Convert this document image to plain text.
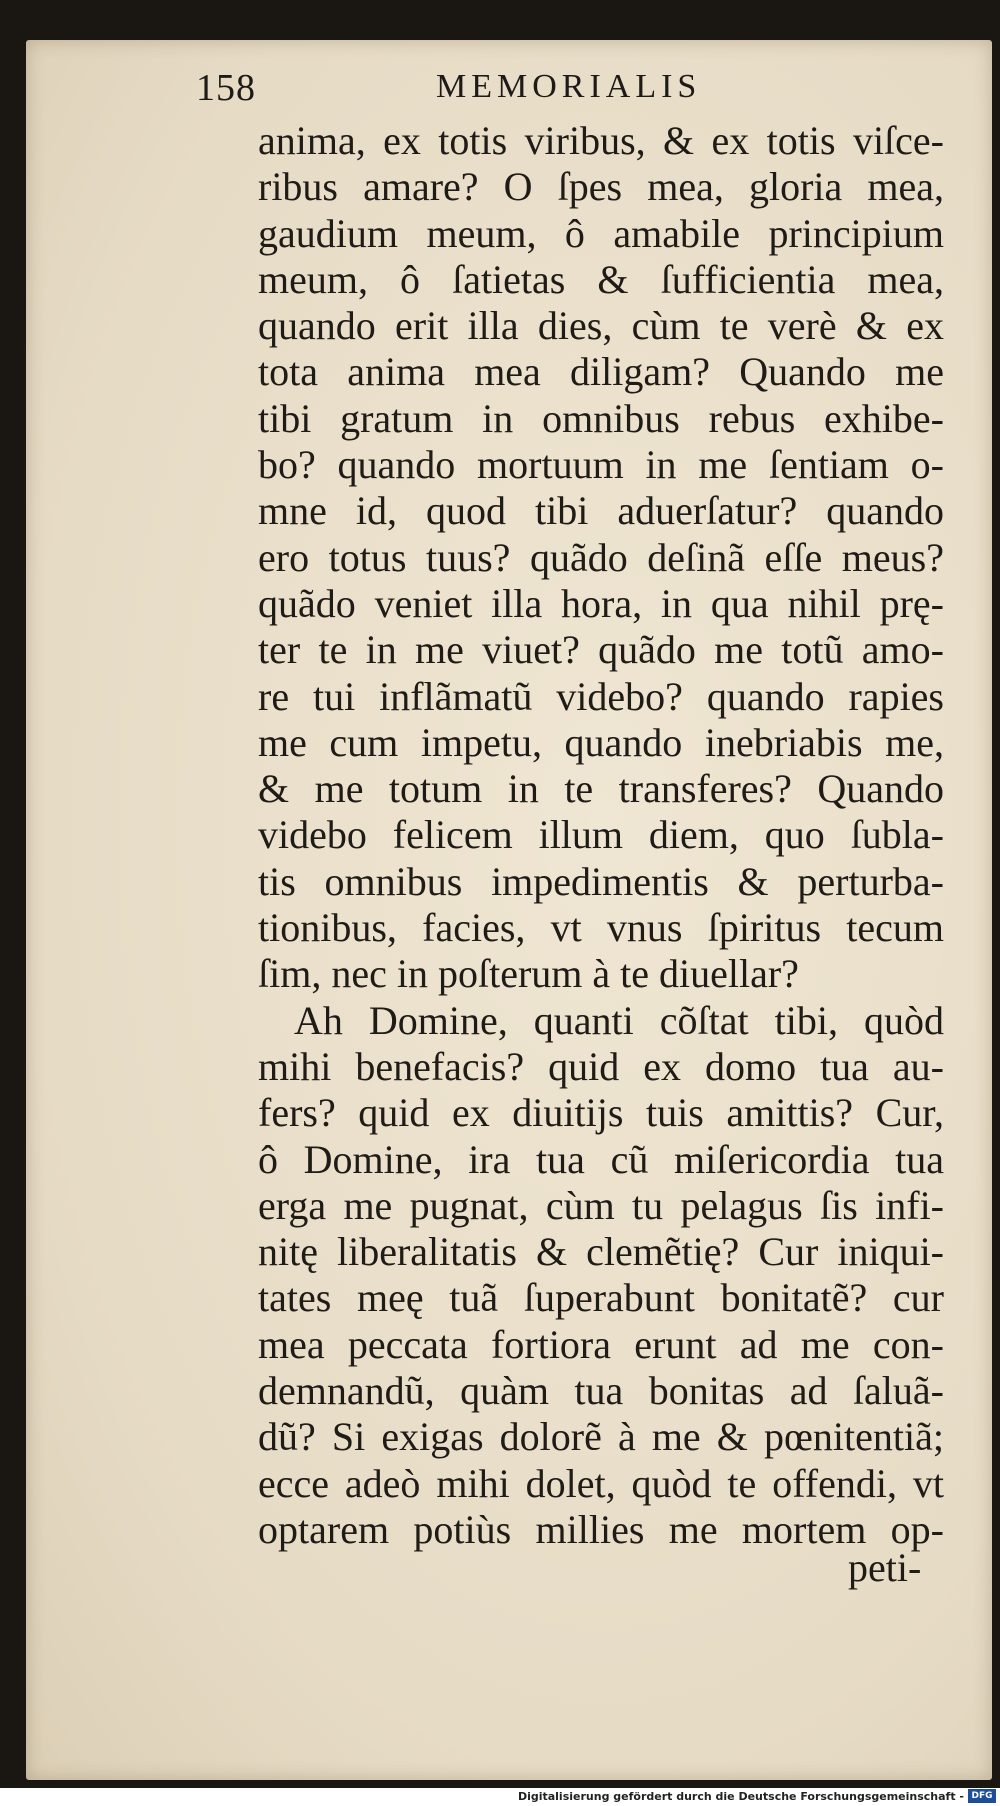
158	MEMORIALIS
anima, ex totis viribus, & ex totis viſce-
ribus amare? O ſpes mea, gloria mea,
gaudium meum, ô amabile principium
meum, ô ſatietas & ſufficientia mea,
quando erit illa dies, cùm te verè & ex
tota anima mea diligam? Quando me
tibi gratum in omnibus rebus exhibe-
bo? quando mortuum in me ſentiam o-
mne id, quod tibi aduerſatur? quando
ero totus tuus? quãdo deſinã eſſe meus?
quãdo veniet illa hora, in qua nihil prę-
ter te in me viuet? quãdo me totũ amo-
re tui inflãmatũ videbo? quando rapies
me cum impetu, quando inebriabis me,
& me totum in te transferes? Quando
videbo felicem illum diem, quo ſubla-
tis omnibus impedimentis & perturba-
tionibus, facies, vt vnus ſpiritus tecum
ſim, nec in poſterum à te diuellar?
Ah Domine, quanti cõſtat tibi, quòd
mihi benefacis? quid ex domo tua au-
fers? quid ex diuitijs tuis amittis? Cur,
ô Domine, ira tua cũ miſericordia tua
erga me pugnat, cùm tu pelagus ſis infi-
nitę liberalitatis & clemẽtię? Cur iniqui-
tates meę tuã ſuperabunt bonitatẽ? cur
mea peccata fortiora erunt ad me con-
demnandũ, quàm tua bonitas ad ſaluã-
dũ? Si exigas dolorẽ à me & pœnitentiã;
ecce adeò mihi dolet, quòd te offendi, vt
optarem potiùs millies me mortem op-
peti-
Digitalisierung gefördert durch die Deutsche Forschungsgemeinschaft - DFG
